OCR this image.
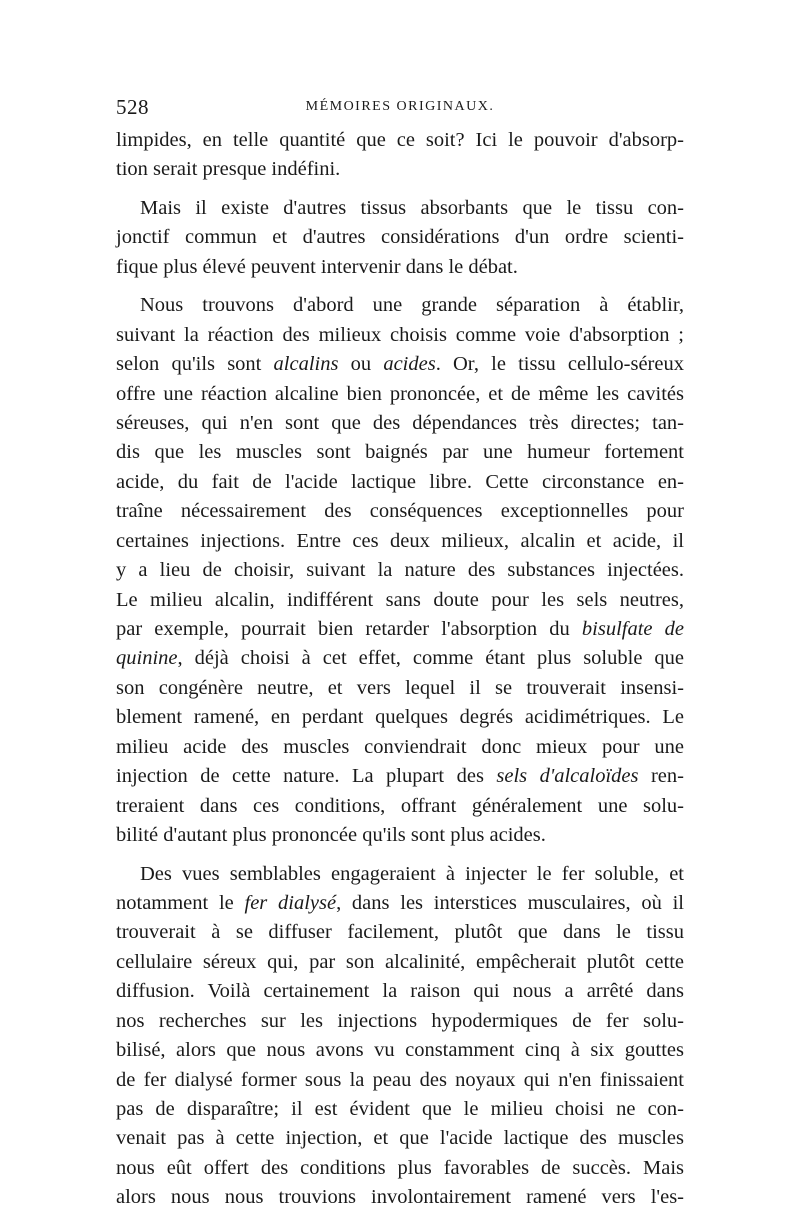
528	MÉMOIRES ORIGINAUX.
limpides, en telle quantité que ce soit? Ici le pouvoir d'absorp-
tion serait presque indéfini.
Mais il existe d'autres tissus absorbants que le tissu con-
jonctif commun et d'autres considérations d'un ordre scienti-
fique plus élevé peuvent intervenir dans le débat.
Nous trouvons d'abord une grande séparation à établir,
suivant la réaction des milieux choisis comme voie d'absorption ;
selon qu'ils sont alcalins ou acides. Or, le tissu cellulo-séreux
offre une réaction alcaline bien prononcée, et de même les cavités
séreuses, qui n'en sont que des dépendances très directes; tan-
dis que les muscles sont baignés par une humeur fortement
acide, du fait de l'acide lactique libre. Cette circonstance en-
traîne nécessairement des conséquences exceptionnelles pour
certaines injections. Entre ces deux milieux, alcalin et acide, il
y a lieu de choisir, suivant la nature des substances injectées.
Le milieu alcalin, indifférent sans doute pour les sels neutres,
par exemple, pourrait bien retarder l'absorption du bisulfate de
quinine, déjà choisi à cet effet, comme étant plus soluble que
son congénère neutre, et vers lequel il se trouverait insensi-
blement ramené, en perdant quelques degrés acidimétriques. Le
milieu acide des muscles conviendrait donc mieux pour une
injection de cette nature. La plupart des sels d'alcaloïdes ren-
treraient dans ces conditions, offrant généralement une solu-
bilité d'autant plus prononcée qu'ils sont plus acides.
Des vues semblables engageraient à injecter le fer soluble, et
notamment le fer dialysé, dans les interstices musculaires, où il
trouverait à se diffuser facilement, plutôt que dans le tissu
cellulaire séreux qui, par son alcalinité, empêcherait plutôt cette
diffusion. Voilà certainement la raison qui nous a arrêté dans
nos recherches sur les injections hypodermiques de fer solu-
bilisé, alors que nous avons vu constamment cinq à six gouttes
de fer dialysé former sous la peau des noyaux qui n'en finissaient
pas de disparaître; il est évident que le milieu choisi ne con-
venait pas à cette injection, et que l'acide lactique des muscles
nous eût offert des conditions plus favorables de succès. Mais
alors nous nous trouvions involontairement ramené vers l'es-
